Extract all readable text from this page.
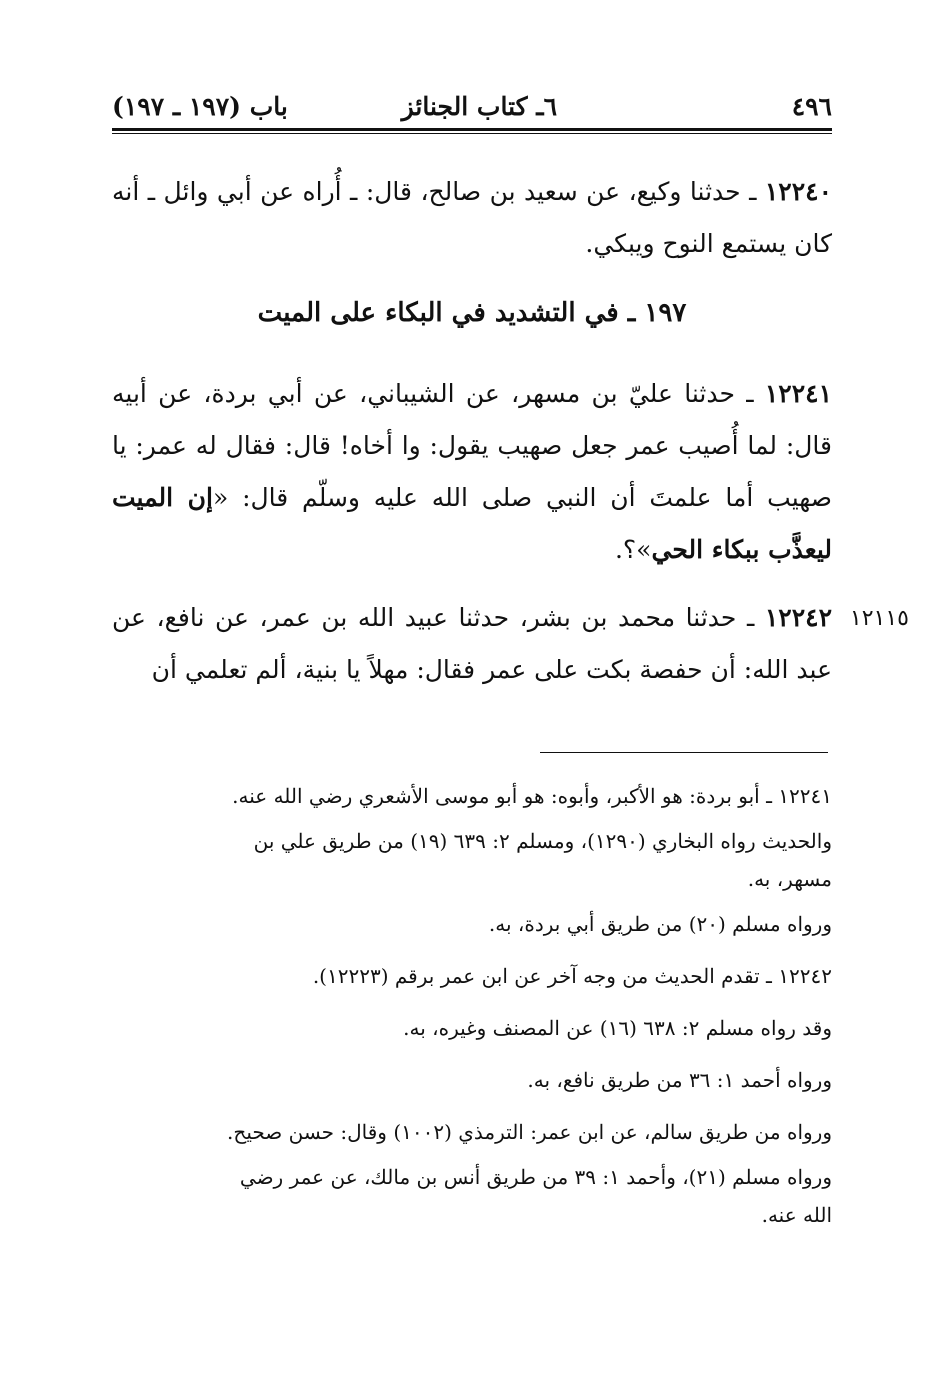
٤٩٦
٦ـ كتاب الجنائز
باب (١٩٧ ـ ١٩٧)

١٢٢٤٠ ـ حدثنا وكيع، عن سعيد بن صالح، قال: ـ أُراه عن أبي وائل ـ أنه كان يستمع النوح ويبكي.

١٩٧ ـ في التشديد في البكاء على الميت

١٢٢٤١ ـ حدثنا عليّ بن مسهر، عن الشيباني، عن أبي بردة، عن أبيه قال: لما أُصيب عمر جعل صهيب يقول: وا أخاه! قال: فقال له عمر: يا صهيب أما علمتَ أن النبي صلى الله عليه وسلّم قال: «إن الميت ليعذَّب ببكاء الحي»؟.

١٢١١٥

١٢٢٤٢ ـ حدثنا محمد بن بشر، حدثنا عبيد الله بن عمر، عن نافع، عن عبد الله: أن حفصة بكت على عمر فقال: مهلاً يا بنية، ألم تعلمي أن

١٢٢٤١ ـ أبو بردة: هو الأكبر، وأبوه: هو أبو موسى الأشعري رضي الله عنه.

والحديث رواه البخاري (١٢٩٠)، ومسلم ٢: ٦٣٩ (١٩) من طريق علي بن
مسهر، به.

ورواه مسلم (٢٠) من طريق أبي بردة، به.

١٢٢٤٢ ـ تقدم الحديث من وجه آخر عن ابن عمر برقم (١٢٢٢٣).

وقد رواه مسلم ٢: ٦٣٨ (١٦) عن المصنف وغيره، به.

ورواه أحمد ١: ٣٦ من طريق نافع، به.

ورواه من طريق سالم، عن ابن عمر: الترمذي (١٠٠٢) وقال: حسن صحيح.

ورواه مسلم (٢١)، وأحمد ١: ٣٩ من طريق أنس بن مالك، عن عمر رضي
الله عنه.
